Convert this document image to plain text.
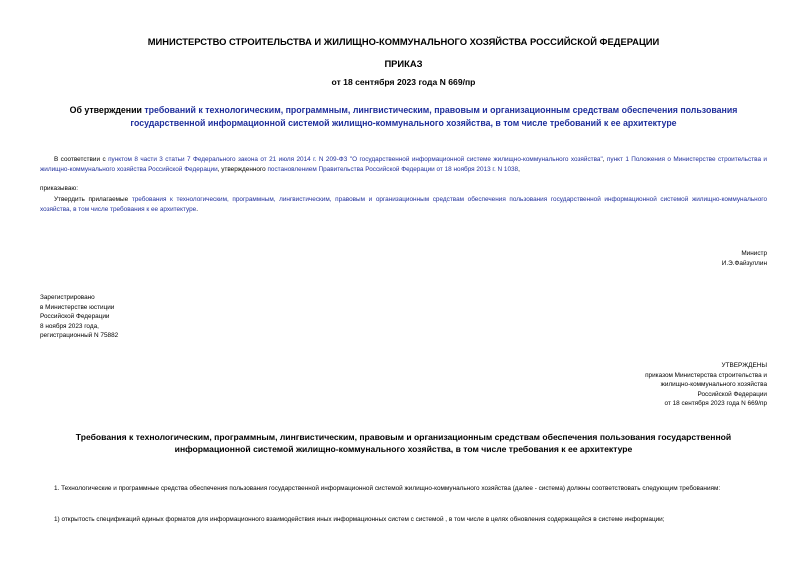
МИНИСТЕРСТВО СТРОИТЕЛЬСТВА И ЖИЛИЩНО-КОММУНАЛЬНОГО ХОЗЯЙСТВА РОССИЙСКОЙ ФЕДЕРАЦИИ
ПРИКАЗ
от 18 сентября 2023 года N 669/пр
Об утверждении требований к технологическим, программным, лингвистическим, правовым и организационным средствам обеспечения пользования государственной информационной системой жилищно-коммунального хозяйства, в том числе требований к ее архитектуре
В соответствии с пунктом 8 части 3 статьи 7 Федерального закона от 21 июля 2014 г. N 209-ФЗ "О государственной информационной системе жилищно-коммунального хозяйства", пункт 1 Положения о Министерстве строительства и жилищно-коммунального хозяйства Российской Федерации, утвержденного постановлением Правительства Российской Федерации от 18 ноября 2013 г. N 1038,
приказываю:
Утвердить прилагаемые требования к технологическим, программным, лингвистическим, правовым и организационным средствам обеспечения пользования государственной информационной системой жилищно-коммунального хозяйства, в том числе требования к ее архитектуре.
Министр
И.Э.Файзуллин
Зарегистрировано
в Министерстве юстиции
Российской Федерации
8 ноября 2023 года,
регистрационный N 75882
УТВЕРЖДЕНЫ
приказом Министерства строительства и
жилищно-коммунального хозяйства
Российской Федерации
от 18 сентября 2023 года N 669/пр
Требования к технологическим, программным, лингвистическим, правовым и организационным средствам обеспечения пользования государственной информационной системой жилищно-коммунального хозяйства, в том числе требования к ее архитектуре
1. Технологические и программные средства обеспечения пользования государственной информационной системой жилищно-коммунального хозяйства (далее - система) должны соответствовать следующим требованиям:
1) открытость спецификаций единых форматов для информационного взаимодействия иных информационных систем с системой , в том числе в целях обновления содержащейся в системе информации;
